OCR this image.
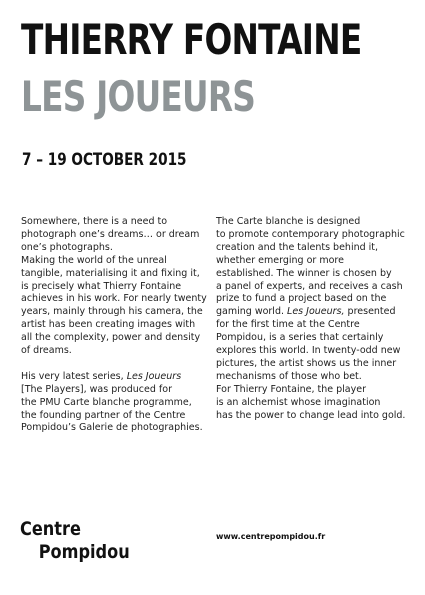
THIERRY FONTAINE
LES JOUEURS
7 – 19 OCTOBER 2015

Somewhere, there is a need to
photograph one’s dreams… or dream
one’s photographs.
Making the world of the unreal
tangible, materialising it and fixing it,
is precisely what Thierry Fontaine
achieves in his work. For nearly twenty
years, mainly through his camera, the
artist has been creating images with
all the complexity, power and density
of dreams.

His very latest series, Les Joueurs
[The Players], was produced for
the PMU Carte blanche programme,
the founding partner of the Centre
Pompidou’s Galerie de photographies.

The Carte blanche is designed
to promote contemporary photographic
creation and the talents behind it,
whether emerging or more
established. The winner is chosen by
a panel of experts, and receives a cash
prize to fund a project based on the
gaming world. Les Joueurs, presented
for the first time at the Centre
Pompidou, is a series that certainly
explores this world. In twenty-odd new
pictures, the artist shows us the inner
mechanisms of those who bet.
For Thierry Fontaine, the player
is an alchemist whose imagination
has the power to change lead into gold.

Centre
Pompidou
www.centrepompidou.fr
